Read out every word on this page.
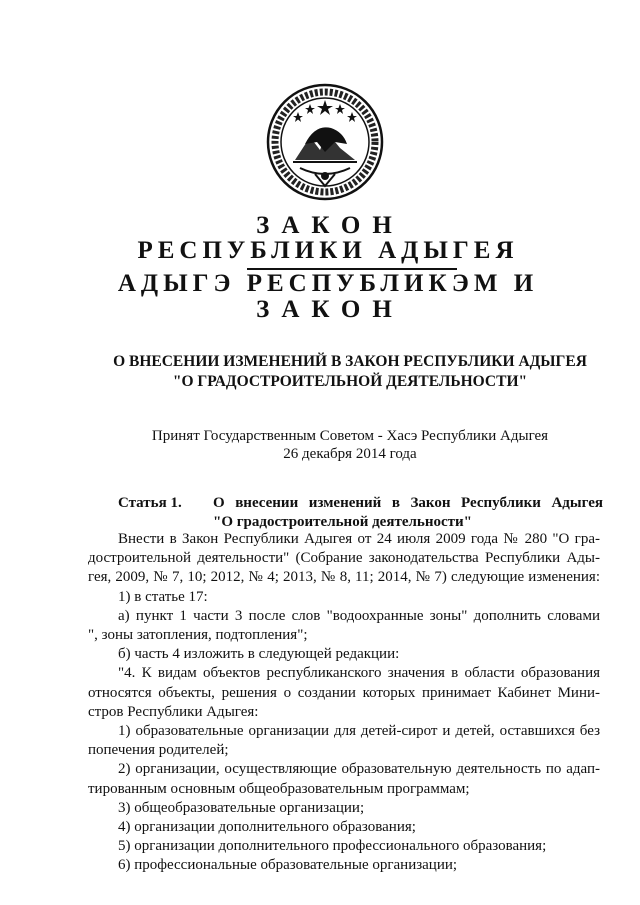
ЗАКОН
РЕСПУБЛИКИ АДЫГЕЯ
АДЫГЭ РЕСПУБЛИКЭМ И
ЗАКОН
О ВНЕСЕНИИ ИЗМЕНЕНИЙ В ЗАКОН РЕСПУБЛИКИ АДЫГЕЯ
"О ГРАДОСТРОИТЕЛЬНОЙ ДЕЯТЕЛЬНОСТИ"
Принят Государственным Советом - Хасэ Республики Адыгея
26 декабря 2014 года
Статья 1. О внесении изменений в Закон Республики Адыгея
"О градостроительной деятельности"
Внести в Закон Республики Адыгея от 24 июля 2009 года № 280 "О гра-
достроительной деятельности" (Собрание законодательства Республики Ады-
гея, 2009, № 7, 10; 2012, № 4; 2013, № 8, 11; 2014, № 7) следующие изменения:
1) в статье 17:
а) пункт 1 части 3 после слов "водоохранные зоны" дополнить словами
", зоны затопления, подтопления";
б) часть 4 изложить в следующей редакции:
"4. К видам объектов республиканского значения в области образования
относятся объекты, решения о создании которых принимает Кабинет Мини-
стров Республики Адыгея:
1) образовательные организации для детей-сирот и детей, оставшихся без
попечения родителей;
2) организации, осуществляющие образовательную деятельность по адап-
тированным основным общеобразовательным программам;
3) общеобразовательные организации;
4) организации дополнительного образования;
5) организации дополнительного профессионального образования;
6) профессиональные образовательные организации;
